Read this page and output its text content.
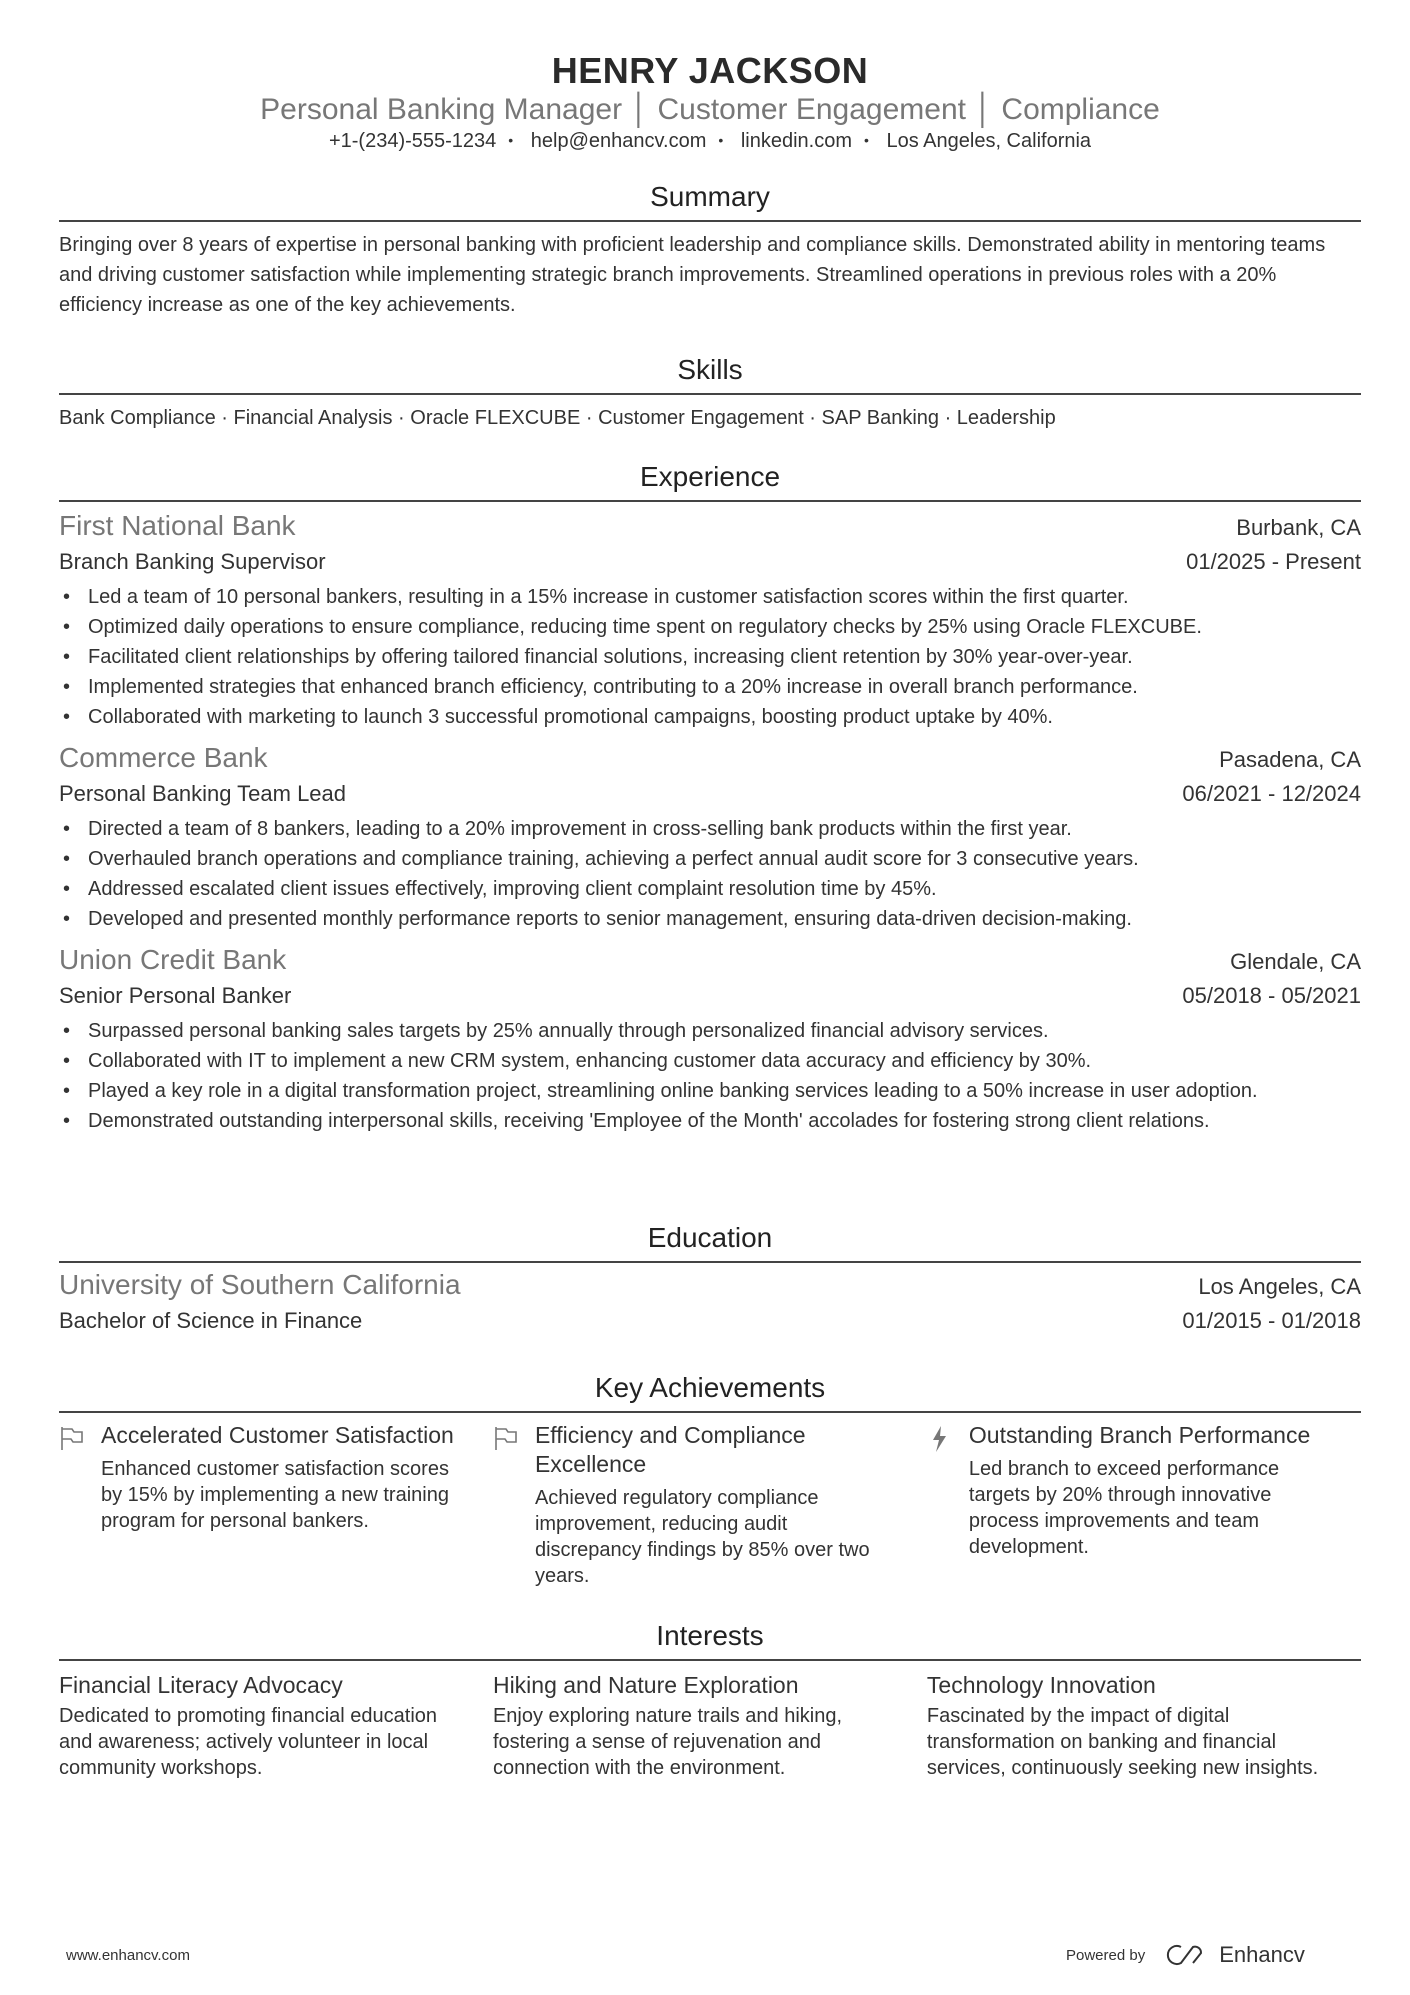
HENRY JACKSON
Personal Banking Manager │ Customer Engagement │ Compliance
+1-(234)-555-1234 • help@enhancv.com • linkedin.com • Los Angeles, California
Summary
Bringing over 8 years of expertise in personal banking with proficient leadership and compliance skills. Demonstrated ability in mentoring teams and driving customer satisfaction while implementing strategic branch improvements. Streamlined operations in previous roles with a 20% efficiency increase as one of the key achievements.
Skills
Bank Compliance · Financial Analysis · Oracle FLEXCUBE · Customer Engagement · SAP Banking · Leadership
Experience
First National Bank	Burbank, CA
Branch Banking Supervisor	01/2025 - Present
• Led a team of 10 personal bankers, resulting in a 15% increase in customer satisfaction scores within the first quarter.
• Optimized daily operations to ensure compliance, reducing time spent on regulatory checks by 25% using Oracle FLEXCUBE.
• Facilitated client relationships by offering tailored financial solutions, increasing client retention by 30% year-over-year.
• Implemented strategies that enhanced branch efficiency, contributing to a 20% increase in overall branch performance.
• Collaborated with marketing to launch 3 successful promotional campaigns, boosting product uptake by 40%.
Commerce Bank	Pasadena, CA
Personal Banking Team Lead	06/2021 - 12/2024
• Directed a team of 8 bankers, leading to a 20% improvement in cross-selling bank products within the first year.
• Overhauled branch operations and compliance training, achieving a perfect annual audit score for 3 consecutive years.
• Addressed escalated client issues effectively, improving client complaint resolution time by 45%.
• Developed and presented monthly performance reports to senior management, ensuring data-driven decision-making.
Union Credit Bank	Glendale, CA
Senior Personal Banker	05/2018 - 05/2021
• Surpassed personal banking sales targets by 25% annually through personalized financial advisory services.
• Collaborated with IT to implement a new CRM system, enhancing customer data accuracy and efficiency by 30%.
• Played a key role in a digital transformation project, streamlining online banking services leading to a 50% increase in user adoption.
• Demonstrated outstanding interpersonal skills, receiving 'Employee of the Month' accolades for fostering strong client relations.
Education
University of Southern California	Los Angeles, CA
Bachelor of Science in Finance	01/2015 - 01/2018
Key Achievements
Accelerated Customer Satisfaction
Enhanced customer satisfaction scores by 15% by implementing a new training program for personal bankers.
Efficiency and Compliance Excellence
Achieved regulatory compliance improvement, reducing audit discrepancy findings by 85% over two years.
Outstanding Branch Performance
Led branch to exceed performance targets by 20% through innovative process improvements and team development.
Interests
Financial Literacy Advocacy
Dedicated to promoting financial education and awareness; actively volunteer in local community workshops.
Hiking and Nature Exploration
Enjoy exploring nature trails and hiking, fostering a sense of rejuvenation and connection with the environment.
Technology Innovation
Fascinated by the impact of digital transformation on banking and financial services, continuously seeking new insights.
www.enhancv.com	Powered by	Enhancv
